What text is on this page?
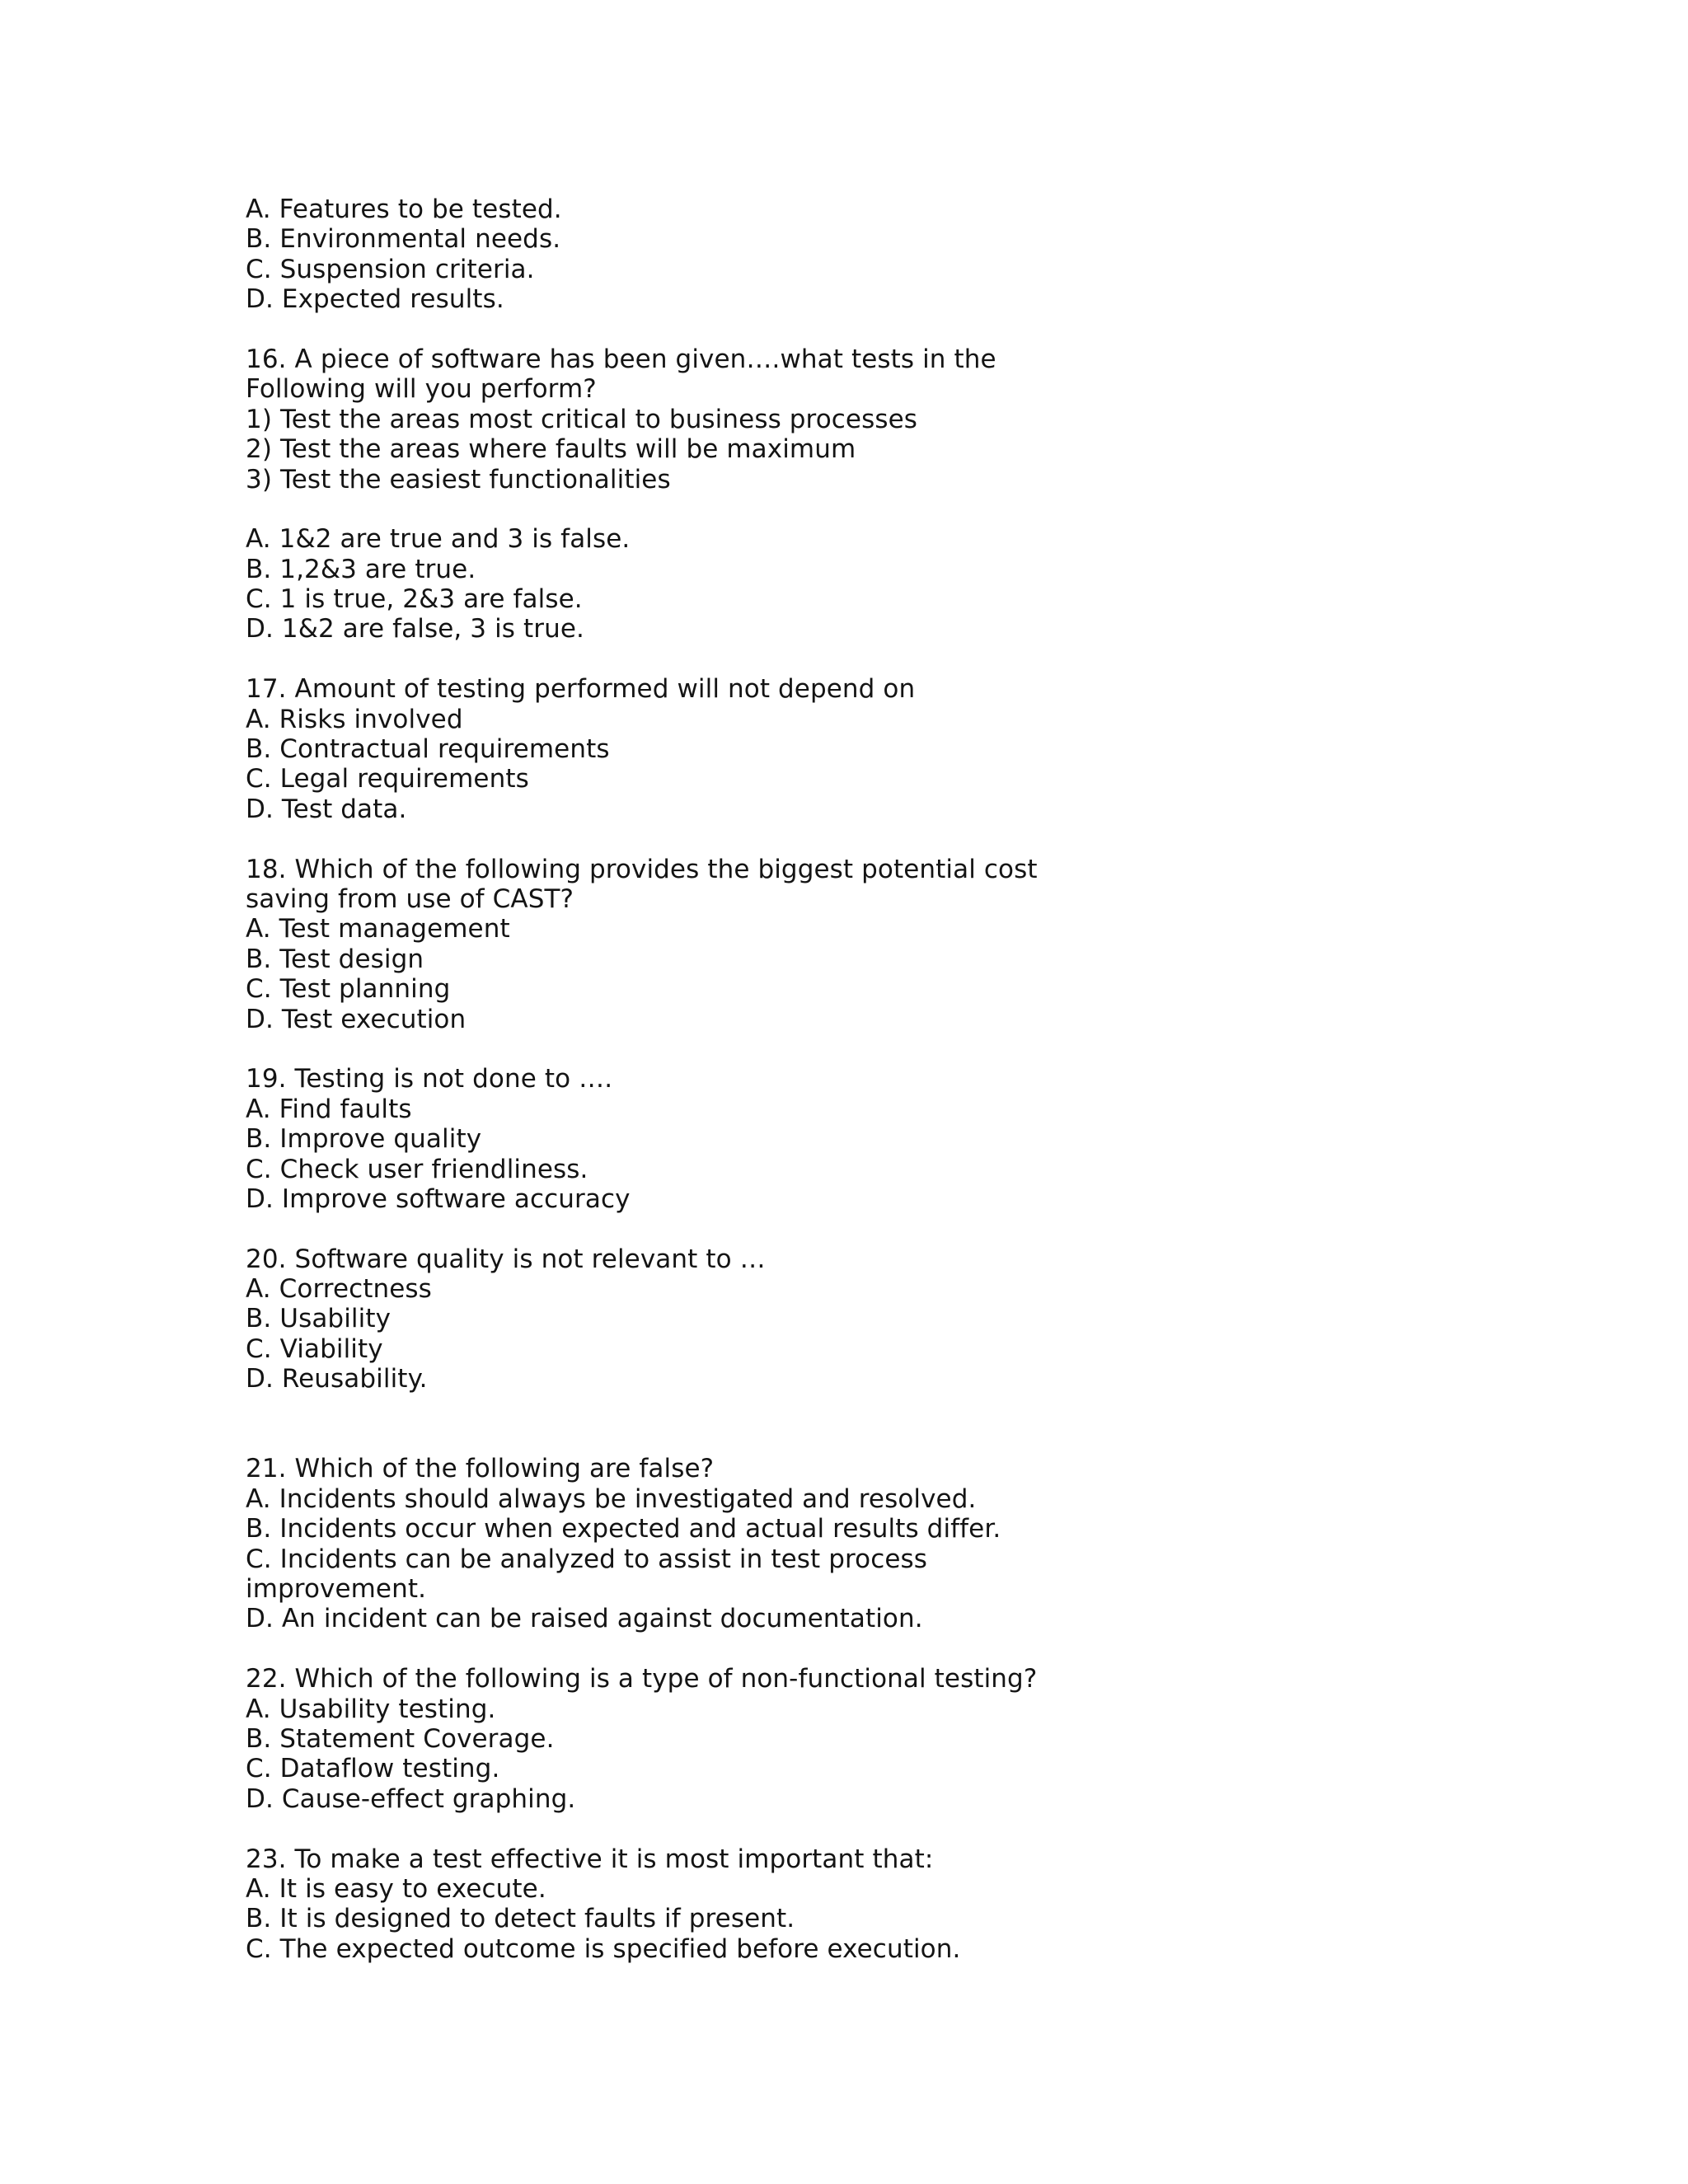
A. Features to be tested.
B. Environmental needs.
C. Suspension criteria.
D. Expected results.
16. A piece of software has been given….what tests in the
Following will you perform?
1) Test the areas most critical to business processes
2) Test the areas where faults will be maximum
3) Test the easiest functionalities
A. 1&2 are true and 3 is false.
B. 1,2&3 are true.
C. 1 is true, 2&3 are false.
D. 1&2 are false, 3 is true.
17. Amount of testing performed will not depend on
A. Risks involved
B. Contractual requirements
C. Legal requirements
D. Test data.
18. Which of the following provides the biggest potential cost
saving from use of CAST?
A. Test management
B. Test design
C. Test planning
D. Test execution
19. Testing is not done to ….
A. Find faults
B. Improve quality
C. Check user friendliness.
D. Improve software accuracy
20. Software quality is not relevant to …
A. Correctness
B. Usability
C. Viability
D. Reusability.
21. Which of the following are false?
A. Incidents should always be investigated and resolved.
B. Incidents occur when expected and actual results differ.
C. Incidents can be analyzed to assist in test process
improvement.
D. An incident can be raised against documentation.
22. Which of the following is a type of non-functional testing?
A. Usability testing.
B. Statement Coverage.
C. Dataflow testing.
D. Cause-effect graphing.
23. To make a test effective it is most important that:
A. It is easy to execute.
B. It is designed to detect faults if present.
C. The expected outcome is specified before execution.
